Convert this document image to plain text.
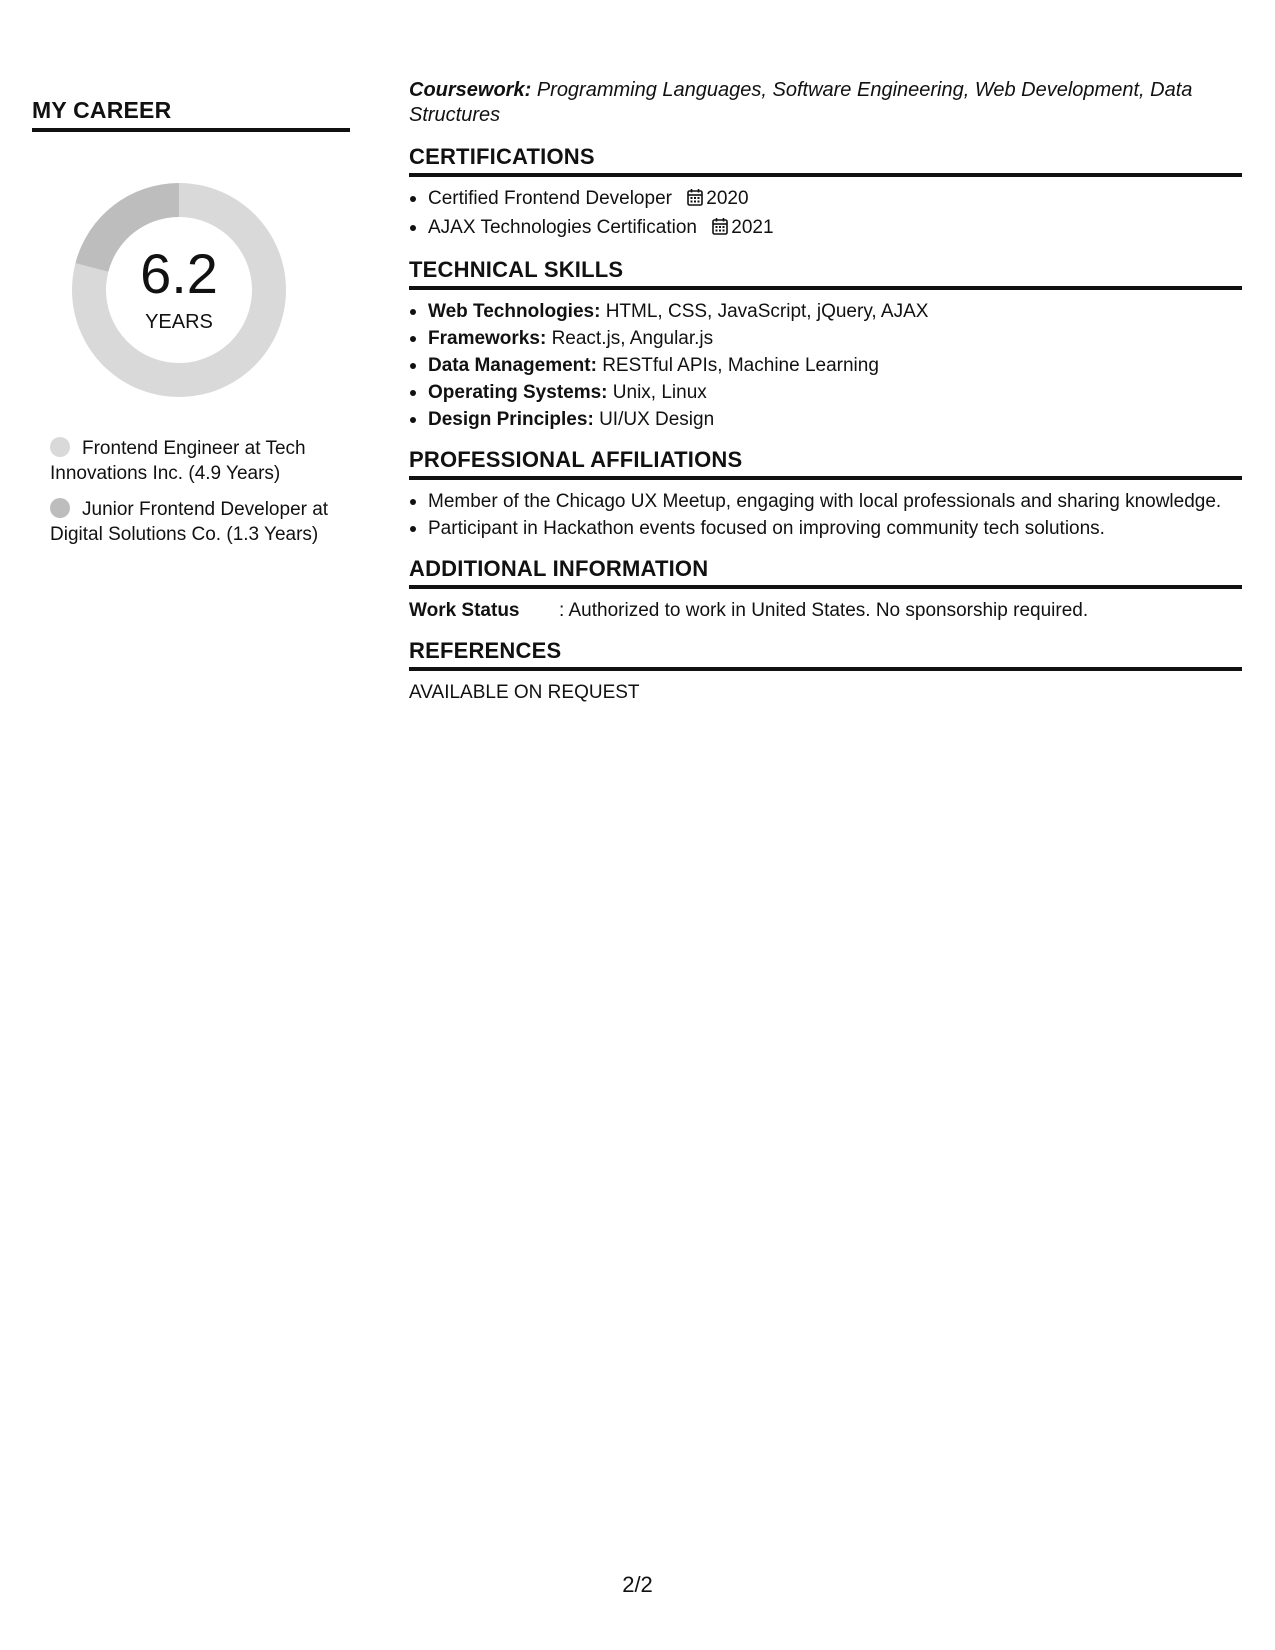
MY CAREER
6.2
YEARS
Frontend Engineer at Tech Innovations Inc. (4.9 Years)
Junior Frontend Developer at Digital Solutions Co. (1.3 Years)
Coursework: Programming Languages, Software Engineering, Web Development, Data Structures
CERTIFICATIONS
Certified Frontend Developer 2020
AJAX Technologies Certification 2021
TECHNICAL SKILLS
Web Technologies: HTML, CSS, JavaScript, jQuery, AJAX
Frameworks: React.js, Angular.js
Data Management: RESTful APIs, Machine Learning
Operating Systems: Unix, Linux
Design Principles: UI/UX Design
PROFESSIONAL AFFILIATIONS
Member of the Chicago UX Meetup, engaging with local professionals and sharing knowledge.
Participant in Hackathon events focused on improving community tech solutions.
ADDITIONAL INFORMATION
Work Status	: Authorized to work in United States. No sponsorship required.
REFERENCES
AVAILABLE ON REQUEST
2/2
